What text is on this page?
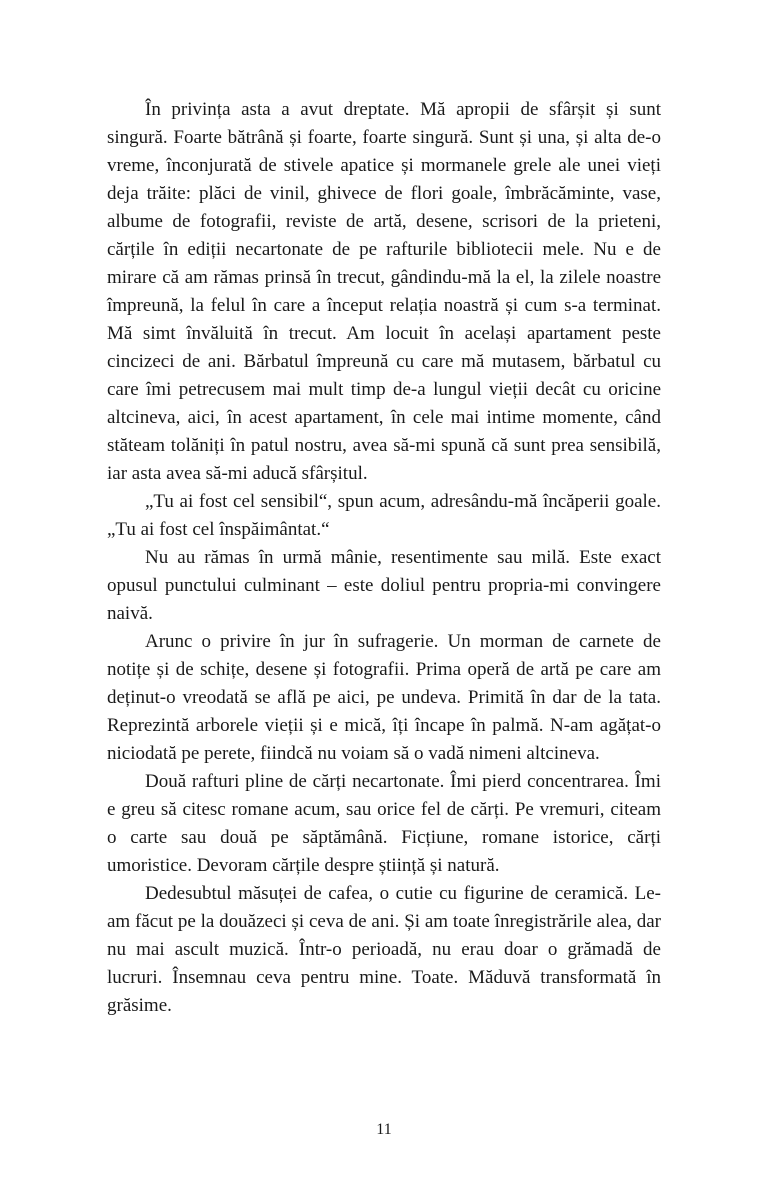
În privința asta a avut dreptate. Mă apropii de sfârșit și sunt singură. Foarte bătrână și foarte, foarte singură. Sunt și una, și alta de-o vreme, înconjurată de stivele apatice și mormanele grele ale unei vieți deja trăite: plăci de vinil, ghivece de flori goale, îmbrăcăminte, vase, albume de fotografii, reviste de artă, desene, scrisori de la prieteni, cărțile în ediții necartonate de pe rafturile bibliotecii mele. Nu e de mirare că am rămas prinsă în trecut, gândindu-mă la el, la zilele noastre împreună, la felul în care a început relația noastră și cum s-a terminat. Mă simt învăluită în trecut. Am locuit în același apartament peste cincizeci de ani. Bărbatul împreună cu care mă mutasem, bărbatul cu care îmi petrecusem mai mult timp de-a lungul vieții decât cu oricine altcineva, aici, în acest apartament, în cele mai intime momente, când stăteam tolăniți în patul nostru, avea să-mi spună că sunt prea sensibilă, iar asta avea să-mi aducă sfârșitul.

„Tu ai fost cel sensibil“, spun acum, adresându-mă încăperii goale. „Tu ai fost cel înspăimântat.“

Nu au rămas în urmă mânie, resentimente sau milă. Este exact opusul punctului culminant – este doliul pentru propria-mi convingere naivă.

Arunc o privire în jur în sufragerie. Un morman de carnete de notițe și de schițe, desene și fotografii. Prima operă de artă pe care am deținut-o vreodată se află pe aici, pe undeva. Primită în dar de la tata. Reprezintă arborele vieții și e mică, îți încape în palmă. N-am agățat-o niciodată pe perete, fiindcă nu voiam să o vadă nimeni altcineva.

Două rafturi pline de cărți necartonate. Îmi pierd concentrarea. Îmi e greu să citesc romane acum, sau orice fel de cărți. Pe vremuri, citeam o carte sau două pe săptămână. Ficțiune, romane istorice, cărți umoristice. Devoram cărțile despre știință și natură.

Dedesubtul măsuței de cafea, o cutie cu figurine de ceramică. Le-am făcut pe la douăzeci și ceva de ani. Și am toate înregistrările alea, dar nu mai ascult muzică. Într-o perioadă, nu erau doar o grămadă de lucruri. Însemnau ceva pentru mine. Toate. Măduvă transformată în grăsime.

11
